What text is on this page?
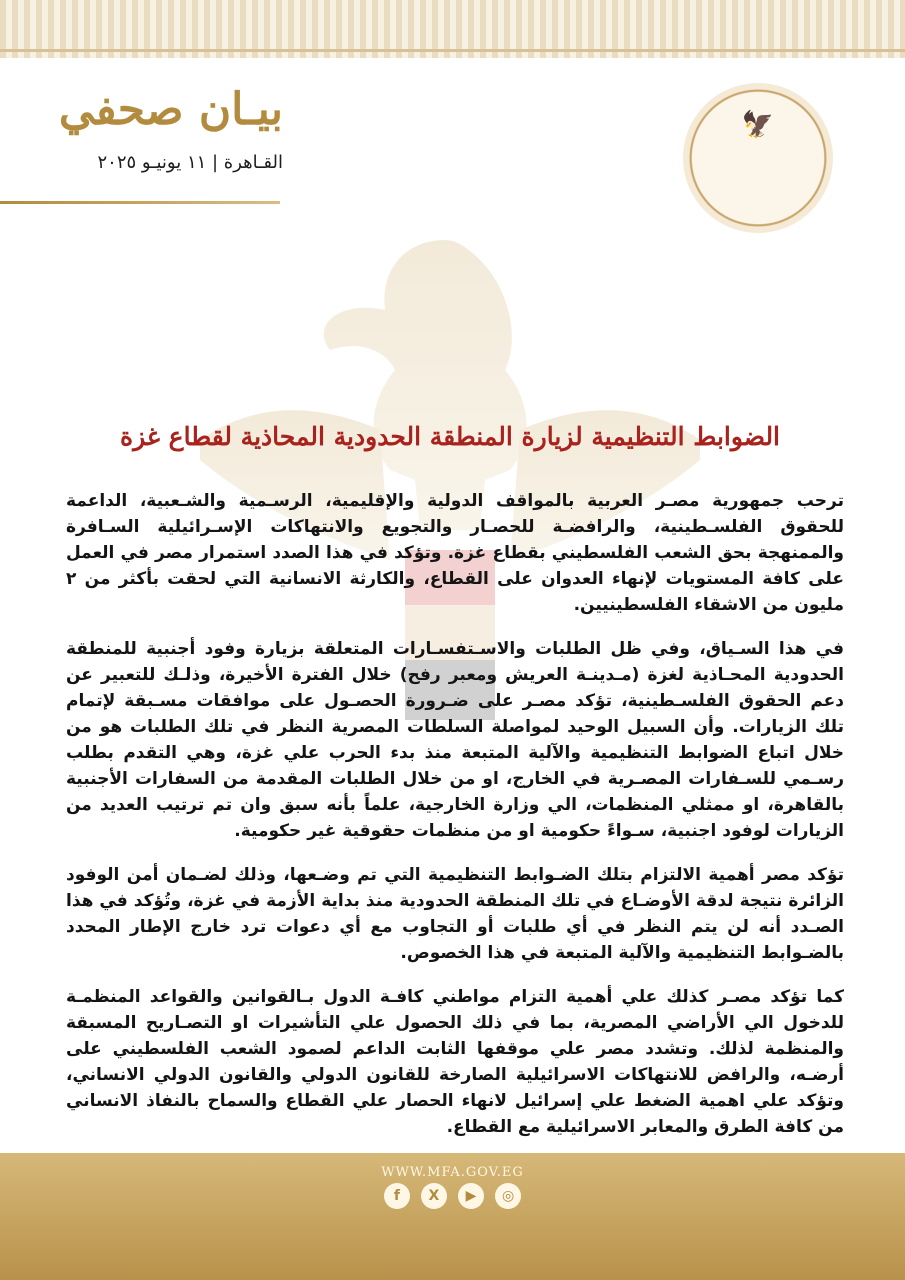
🦅
بيـان صحفي
القـاهرة | ١١ يونيـو ٢٠٢٥
الضوابط التنظيمية لزيارة المنطقة الحدودية المحاذية لقطاع غزة

ترحب جمهورية مصـر العربية بالمواقف الدولية والإقليمية، الرسـمية والشـعبية، الداعمة للحقوق الفلسـطينية، والرافضـة للحصـار والتجويع والانتهاكات الإسـرائيلية السـافرة والممنهجة بحق الشعب الفلسطيني بقطاع غزة. وتؤكد في هذا الصدد استمرار مصر في العمل على كافة المستويات لإنهاء العدوان على القطاع، والكارثة الانسانية التي لحقت بأكثر من ٢ مليون من الاشقاء الفلسطينيين.

في هذا السـياق، وفي ظل الطلبات والاسـتفسـارات المتعلقة بزيارة وفود أجنبية للمنطقة الحدودية المحـاذية لغزة (مـدينـة العريش ومعبر رفح) خلال الفترة الأخيرة، وذلـك للتعبير عن دعم الحقوق الفلسـطينية، تؤكد مصـر على ضـرورة الحصـول على موافقات مسـبقة لإتمام تلك الزيارات. وأن السبيل الوحيد لمواصلة السلطات المصرية النظر في تلك الطلبات هو من خلال اتباع الضوابط التنظيمية والآلية المتبعة منذ بدء الحرب علي غزة، وهي التقدم بطلب رسـمي للسـفارات المصـرية في الخارج، او من خلال الطلبات المقدمة من السفارات الأجنبية بالقاهرة، او ممثلي المنظمات، الي وزارة الخارجية، علماً بأنه سبق وان تم ترتيب العديد من الزيارات لوفود اجنبية، سـواءً حكومية او من منظمات حقوقية غير حكومية.

تؤكد مصر أهمية الالتزام بتلك الضـوابط التنظيمية التي تم وضـعها، وذلك لضـمان أمن الوفود الزائرة نتيجة لدقة الأوضـاع في تلك المنطقة الحدودية منذ بداية الأزمة في غزة، وتُؤكد في هذا الصـدد أنه لن يتم النظر في أي طلبات أو التجاوب مع أي دعوات ترد خارج الإطار المحدد بالضـوابط التنظيمية والآلية المتبعة في هذا الخصوص.

كما تؤكد مصـر كذلك علي أهمية التزام مواطني كافـة الدول بـالقوانين والقواعد المنظمـة للدخول الي الأراضي المصرية، بما في ذلك الحصول علي التأشيرات او التصـاريح المسبقة والمنظمة لذلك. وتشدد مصر علي موقفها الثابت الداعم لصمود الشعب الفلسطيني على أرضـه، والرافض للانتهاكات الاسرائيلية الصارخة للقانون الدولي والقانون الدولي الانساني، وتؤكد علي اهمية الضغط علي إسرائيل لانهاء الحصار علي القطاع والسماح بالنفاذ الانساني من كافة الطرق والمعابر الاسرائيلية مع القطاع.

WWW.MFA.GOV.EG
f X ▶ ◎
